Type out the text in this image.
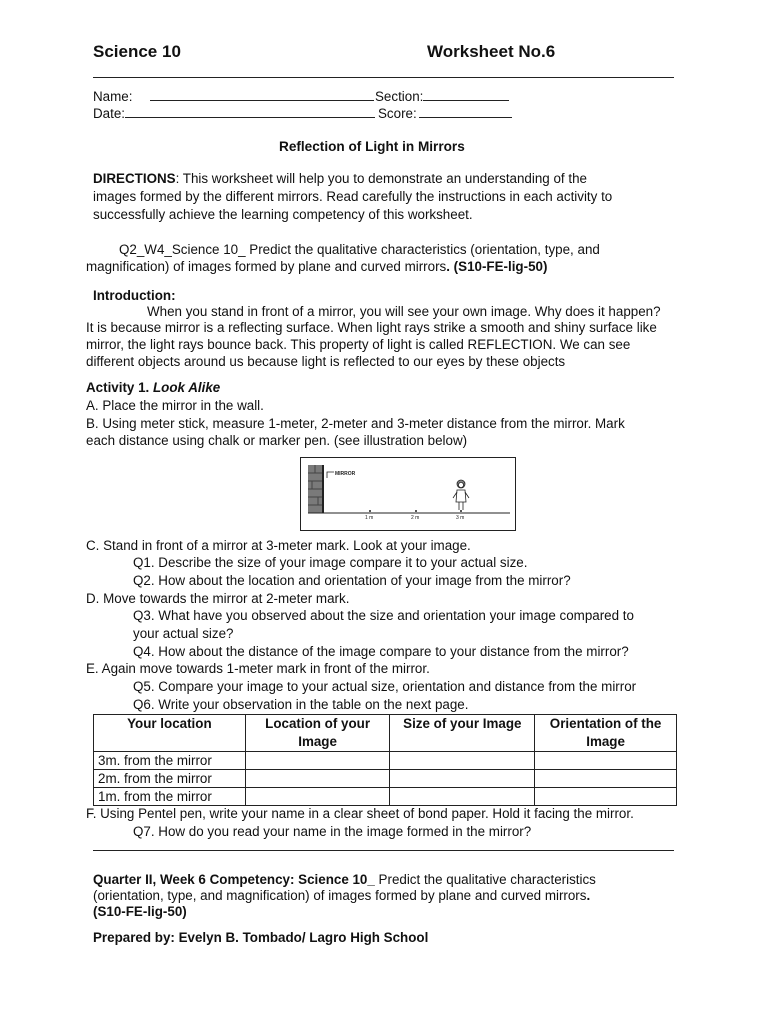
Science 10	Worksheet No.6
Name:	Section:
Date:	Score:
Reflection of Light in Mirrors
DIRECTIONS: This worksheet will help you to demonstrate an understanding of the
images formed by the different mirrors. Read carefully the instructions in each activity to
successfully achieve the learning competency of this worksheet.
Q2_W4_Science 10_ Predict the qualitative characteristics (orientation, type, and
magnification) of images formed by plane and curved mirrors. (S10-FE-lig-50)
Introduction:
When you stand in front of a mirror, you will see your own image. Why does it happen?
It is because mirror is a reflecting surface. When light rays strike a smooth and shiny surface like
mirror, the light rays bounce back. This property of light is called REFLECTION. We can see
different objects around us because light is reflected to our eyes by these objects
Activity 1. Look Alike
A. Place the mirror in the wall.
B. Using meter stick, measure 1-meter, 2-meter and 3-meter distance from the mirror. Mark
each distance using chalk or marker pen. (see illustration below)
MIRROR
1 m	2 m	3 m
C. Stand in front of a mirror at 3-meter mark. Look at your image.
Q1. Describe the size of your image compare it to your actual size.
Q2. How about the location and orientation of your image from the mirror?
D. Move towards the mirror at 2-meter mark.
Q3. What have you observed about the size and orientation your image compared to
your actual size?
Q4. How about the distance of the image compare to your distance from the mirror?
E. Again move towards 1-meter mark in front of the mirror.
Q5. Compare your image to your actual size, orientation and distance from the mirror
Q6. Write your observation in the table on the next page.
Your location	Location of your Image	Size of your Image	Orientation of the Image
3m. from the mirror			
2m. from the mirror			
1m. from the mirror			
F. Using Pentel pen, write your name in a clear sheet of bond paper. Hold it facing the mirror.
Q7. How do you read your name in the image formed in the mirror?
Quarter II, Week 6 Competency: Science 10_ Predict the qualitative characteristics
(orientation, type, and magnification) of images formed by plane and curved mirrors.
(S10-FE-lig-50)
Prepared by: Evelyn B. Tombado/ Lagro High School
